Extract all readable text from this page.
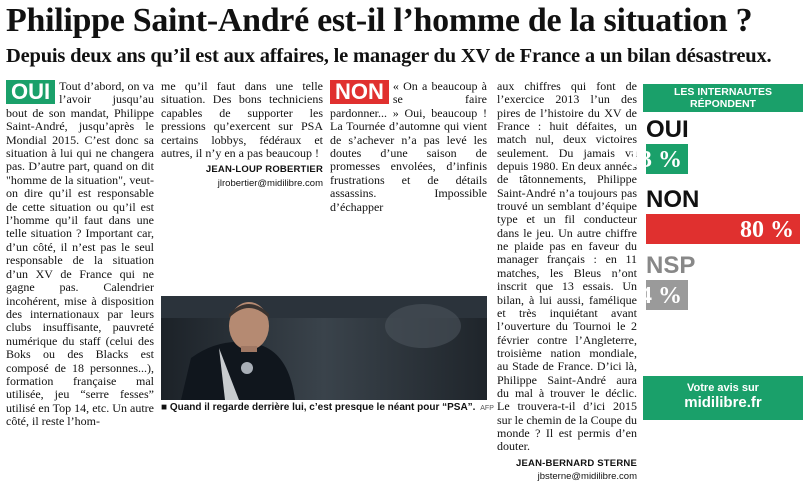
Philippe Saint-André est-il l’homme de la situation ?
Depuis deux ans qu’il est aux affaires, le manager du XV de France a un bilan désastreux.
OUI Tout d’abord, on va l’avoir jusqu’au bout de son mandat, Philippe Saint-André, jusqu’après le Mondial 2015. C’est donc sa situation à lui qui ne changera pas. D’autre part, quand on dit "homme de la situation", veut-on dire qu’il est responsable de cette situation ou qu’il est l’homme qu’il faut dans une telle situation ? Important car, d’un côté, il n’est pas le seul responsable de la situation d’un XV de France qui ne gagne pas. Calendrier incohérent, mise à disposition des internationaux par leurs clubs insuffisante, pauvreté numérique du staff (celui des Boks ou des Blacks est composé de 18 personnes...), formation française mal utilisée, jeu “serre fesses” utilisé en Top 14, etc. Un autre côté, il reste l’hom-

me qu’il faut dans une telle situation. Des bons techniciens capables de supporter les pressions qu’exercent sur PSA certains lobbys, fédéraux et autres, il n’y en a pas beaucoup !

JEAN-LOUP ROBERTIER
jlrobertier@midilibre.com
NON « On a beaucoup à se faire pardonner... » Oui, beaucoup ! La Tournée d’automne qui vient de s’achever n’a pas levé les doutes d’une saison de promesses envolées, d’infinis frustrations et de détails assassins. Impossible d’échapper

■ Quand il regarde derrière lui, c’est presque le néant pour “PSA”. AFP

aux chiffres qui font de l’exercice 2013 l’un des pires de l’histoire du XV de France : huit défaites, un match nul, deux victoires seulement. Du jamais vu depuis 1980. En deux années de tâtonnements, Philippe Saint-André n’a toujours pas trouvé un semblant d’équipe type et un fil conducteur dans le jeu. Un autre chiffre ne plaide pas en faveur du manager français : en 11 matches, les Bleus n’ont inscrit que 13 essais. Un bilan, à lui aussi, famélique et très inquiétant avant l’ouverture du Tournoi le 2 février contre l’Angleterre, troisième nation mondiale, au Stade de France. D’ici là, Philippe Saint-André aura du mal à trouver le déclic. Le trouvera-t-il d’ici 2015 sur le chemin de la Coupe du monde ? Il est permis d’en douter.

JEAN-BERNARD STERNE
jbsterne@midilibre.com
LES INTERNAUTES RÉPONDENT
OUI
13 %
NON
80 %
NSP
4 %
Votre avis sur
midilibre.fr
